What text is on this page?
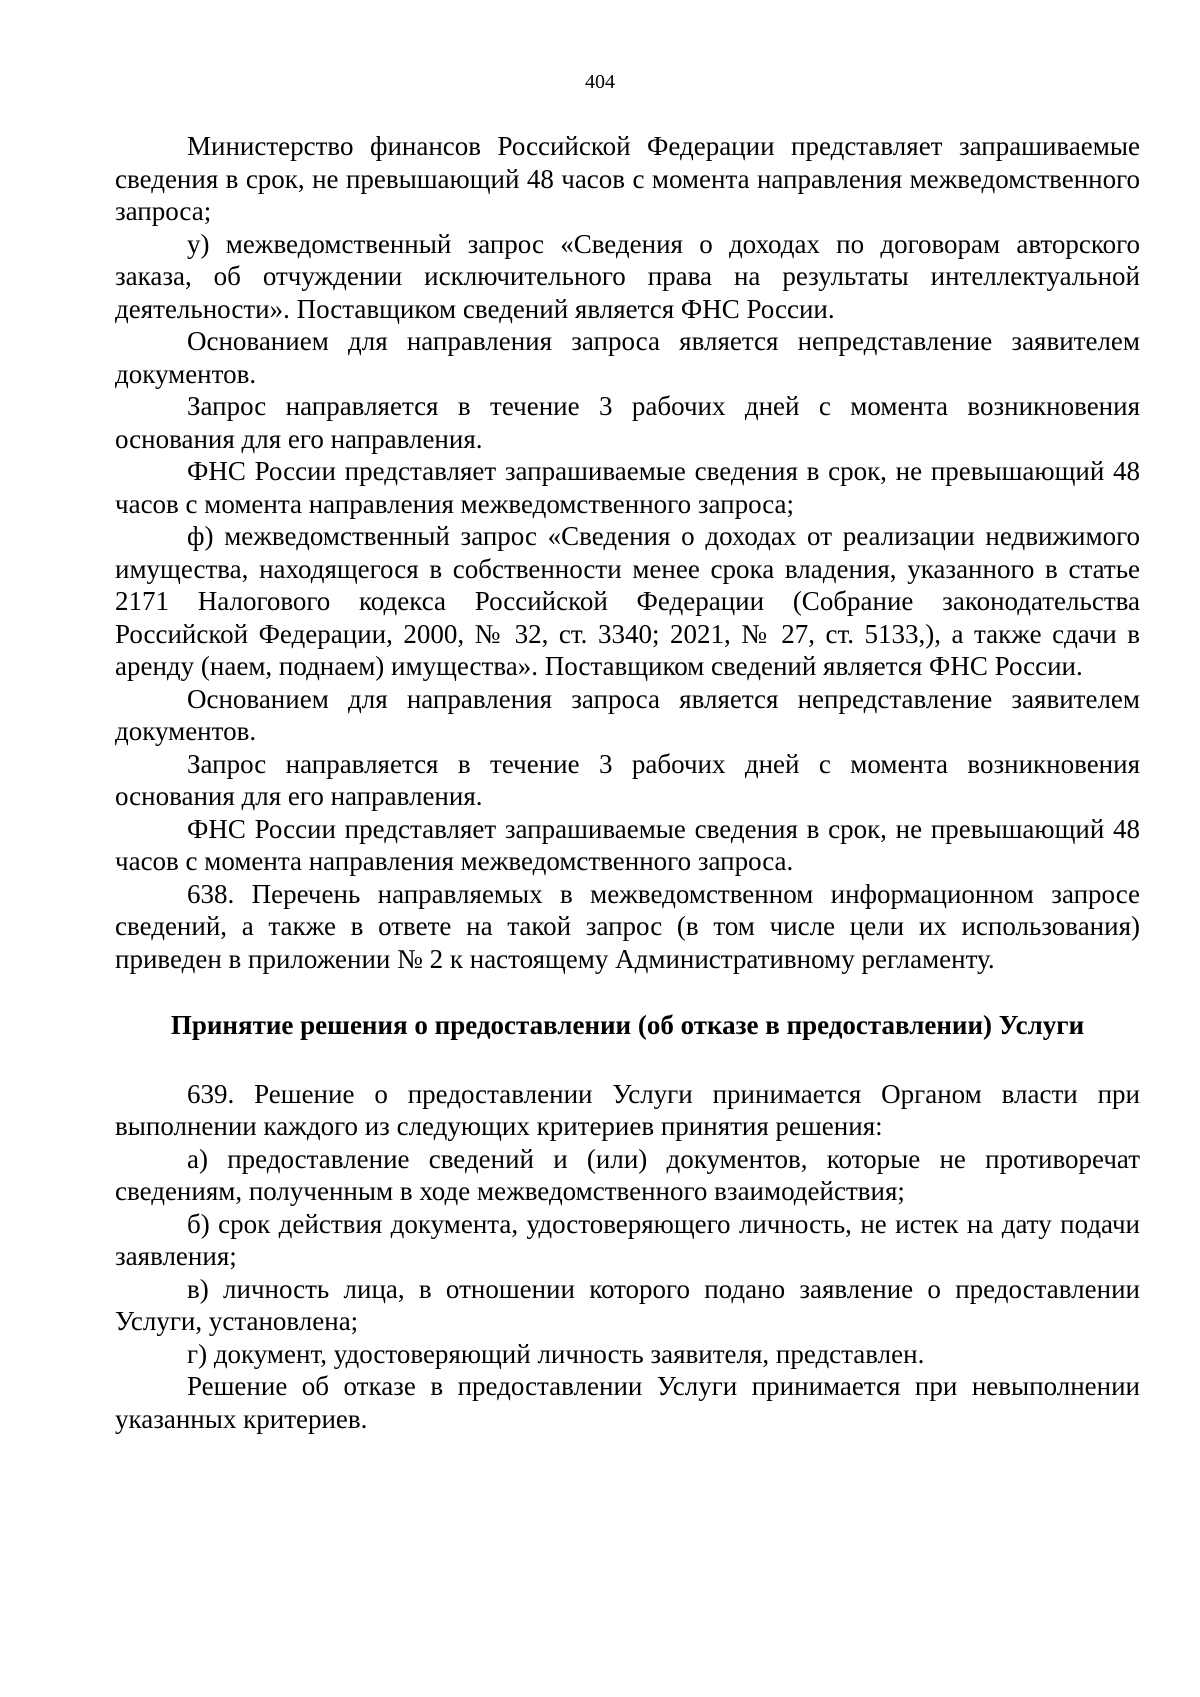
404

Министерство финансов Российской Федерации представляет запрашиваемые сведения в срок, не превышающий 48 часов с момента направления межведомственного запроса;

у) межведомственный запрос «Сведения о доходах по договорам авторского заказа, об отчуждении исключительного права на результаты интеллектуальной деятельности». Поставщиком сведений является ФНС России.

Основанием для направления запроса является непредставление заявителем документов.

Запрос направляется в течение 3 рабочих дней с момента возникновения основания для его направления.

ФНС России представляет запрашиваемые сведения в срок, не превышающий 48 часов с момента направления межведомственного запроса;

ф) межведомственный запрос «Сведения о доходах от реализации недвижимого имущества, находящегося в собственности менее срока владения, указанного в статье 2171 Налогового кодекса Российской Федерации (Собрание законодательства Российской Федерации, 2000, № 32, ст. 3340; 2021, № 27, ст. 5133,), а также сдачи в аренду (наем, поднаем) имущества». Поставщиком сведений является ФНС России.

Основанием для направления запроса является непредставление заявителем документов.

Запрос направляется в течение 3 рабочих дней с момента возникновения основания для его направления.

ФНС России представляет запрашиваемые сведения в срок, не превышающий 48 часов с момента направления межведомственного запроса.

638. Перечень направляемых в межведомственном информационном запросе сведений, а также в ответе на такой запрос (в том числе цели их использования) приведен в приложении № 2 к настоящему Административному регламенту.

Принятие решения о предоставлении (об отказе в предоставлении) Услуги

639. Решение о предоставлении Услуги принимается Органом власти при выполнении каждого из следующих критериев принятия решения:

а) предоставление сведений и (или) документов, которые не противоречат сведениям, полученным в ходе межведомственного взаимодействия;

б) срок действия документа, удостоверяющего личность, не истек на дату подачи заявления;

в) личность лица, в отношении которого подано заявление о предоставлении Услуги, установлена;

г) документ, удостоверяющий личность заявителя, представлен.

Решение об отказе в предоставлении Услуги принимается при невыполнении указанных критериев.
